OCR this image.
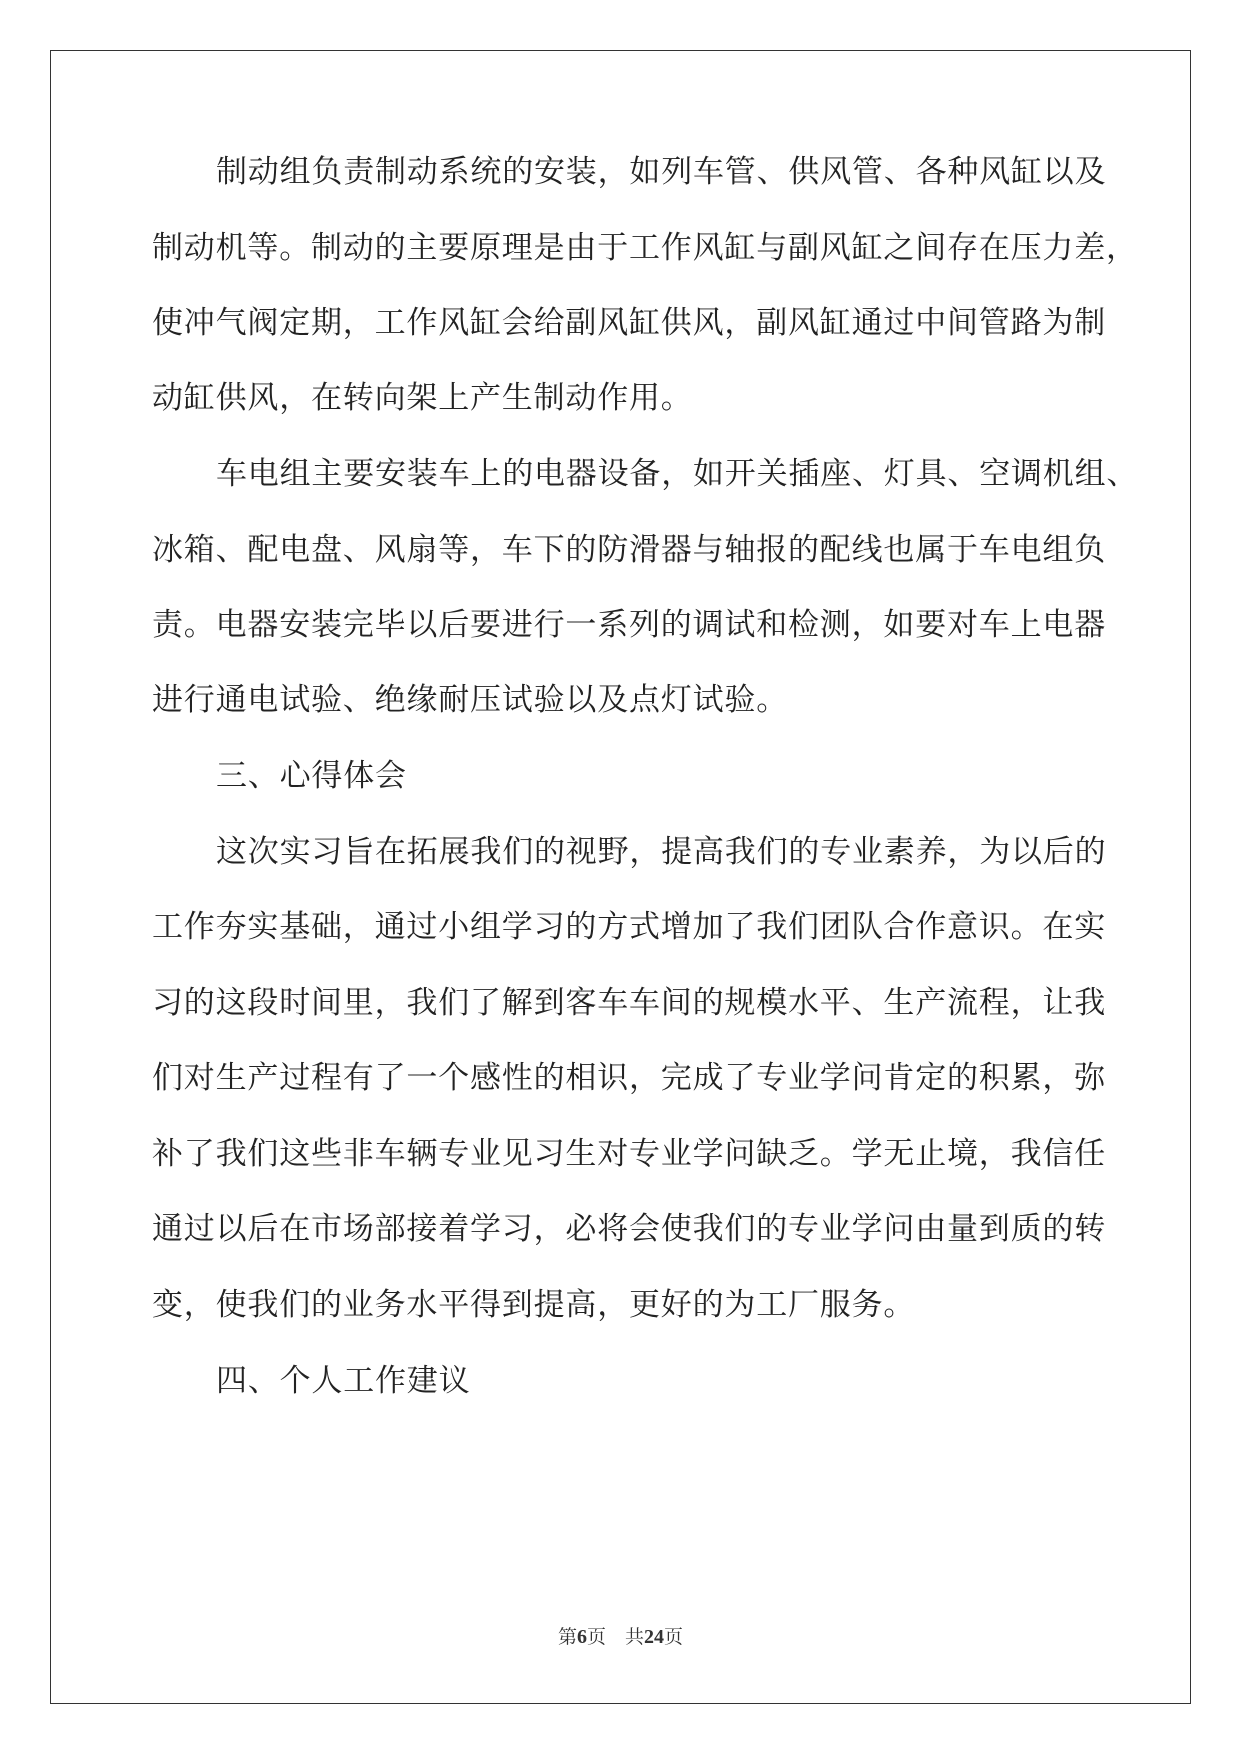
制动组负责制动系统的安装，如列车管、供风管、各种风缸以及
制动机等。制动的主要原理是由于工作风缸与副风缸之间存在压力差，
使冲气阀定期，工作风缸会给副风缸供风，副风缸通过中间管路为制
动缸供风，在转向架上产生制动作用。
车电组主要安装车上的电器设备，如开关插座、灯具、空调机组、
冰箱、配电盘、风扇等，车下的防滑器与轴报的配线也属于车电组负
责。电器安装完毕以后要进行一系列的调试和检测，如要对车上电器
进行通电试验、绝缘耐压试验以及点灯试验。
三、心得体会
这次实习旨在拓展我们的视野，提高我们的专业素养，为以后的
工作夯实基础，通过小组学习的方式增加了我们团队合作意识。在实
习的这段时间里，我们了解到客车车间的规模水平、生产流程，让我
们对生产过程有了一个感性的相识，完成了专业学问肯定的积累，弥
补了我们这些非车辆专业见习生对专业学问缺乏。学无止境，我信任
通过以后在市场部接着学习，必将会使我们的专业学问由量到质的转
变，使我们的业务水平得到提高，更好的为工厂服务。
四、个人工作建议
第6页　共24页
